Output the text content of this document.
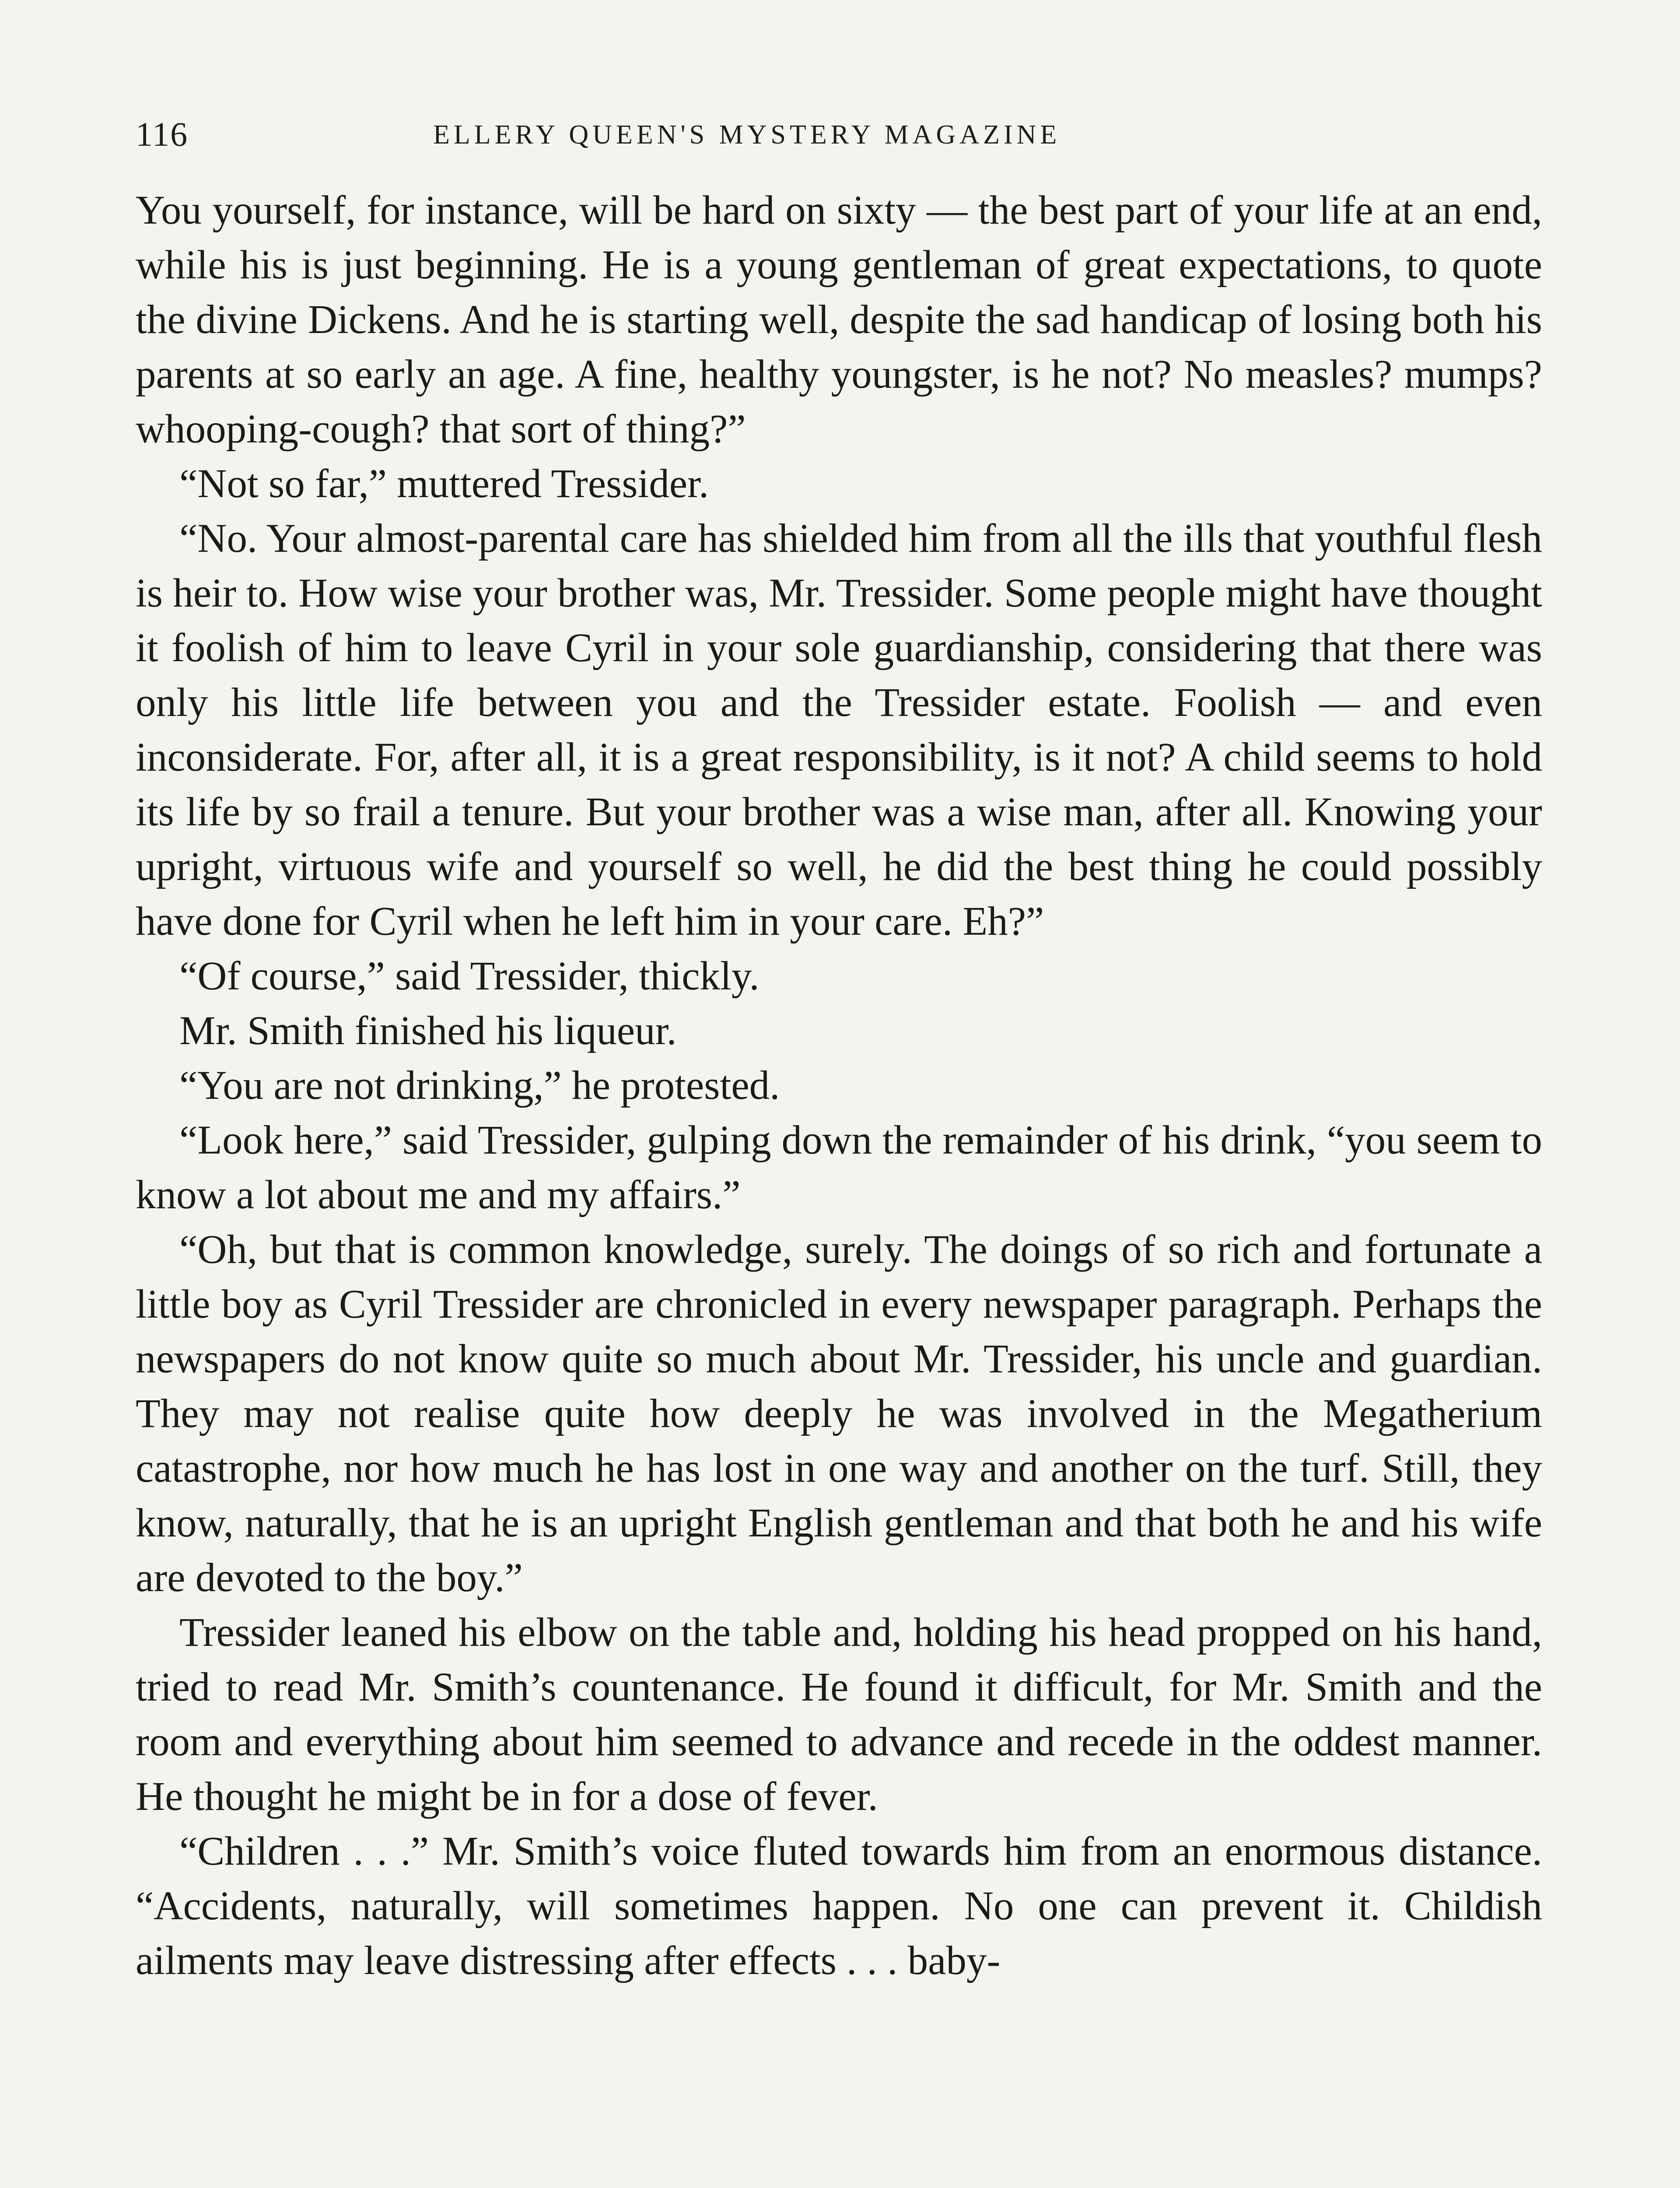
116	ELLERY QUEEN'S MYSTERY MAGAZINE

You yourself, for instance, will be hard on sixty — the best part of your life at an end, while his is just beginning. He is a young gentleman of great expectations, to quote the divine Dickens. And he is starting well, despite the sad handicap of losing both his parents at so early an age. A fine, healthy youngster, is he not? No measles? mumps? whooping-cough? that sort of thing?”

“Not so far,” muttered Tressider.

“No. Your almost-parental care has shielded him from all the ills that youthful flesh is heir to. How wise your brother was, Mr. Tressider. Some people might have thought it foolish of him to leave Cyril in your sole guardianship, considering that there was only his little life between you and the Tressider estate. Foolish — and even inconsiderate. For, after all, it is a great responsibility, is it not? A child seems to hold its life by so frail a tenure. But your brother was a wise man, after all. Knowing your upright, virtuous wife and yourself so well, he did the best thing he could possibly have done for Cyril when he left him in your care. Eh?”

“Of course,” said Tressider, thickly.

Mr. Smith finished his liqueur.

“You are not drinking,” he protested.

“Look here,” said Tressider, gulping down the remainder of his drink, “you seem to know a lot about me and my affairs.”

“Oh, but that is common knowledge, surely. The doings of so rich and fortunate a little boy as Cyril Tressider are chronicled in every newspaper paragraph. Perhaps the newspapers do not know quite so much about Mr. Tressider, his uncle and guardian. They may not realise quite how deeply he was involved in the Megatherium catastrophe, nor how much he has lost in one way and another on the turf. Still, they know, naturally, that he is an upright English gentleman and that both he and his wife are devoted to the boy.”

Tressider leaned his elbow on the table and, holding his head propped on his hand, tried to read Mr. Smith’s countenance. He found it difficult, for Mr. Smith and the room and everything about him seemed to advance and recede in the oddest manner. He thought he might be in for a dose of fever.

“Children . . .” Mr. Smith’s voice fluted towards him from an enormous distance. “Accidents, naturally, will sometimes happen. No one can prevent it. Childish ailments may leave distressing after effects . . . baby-
